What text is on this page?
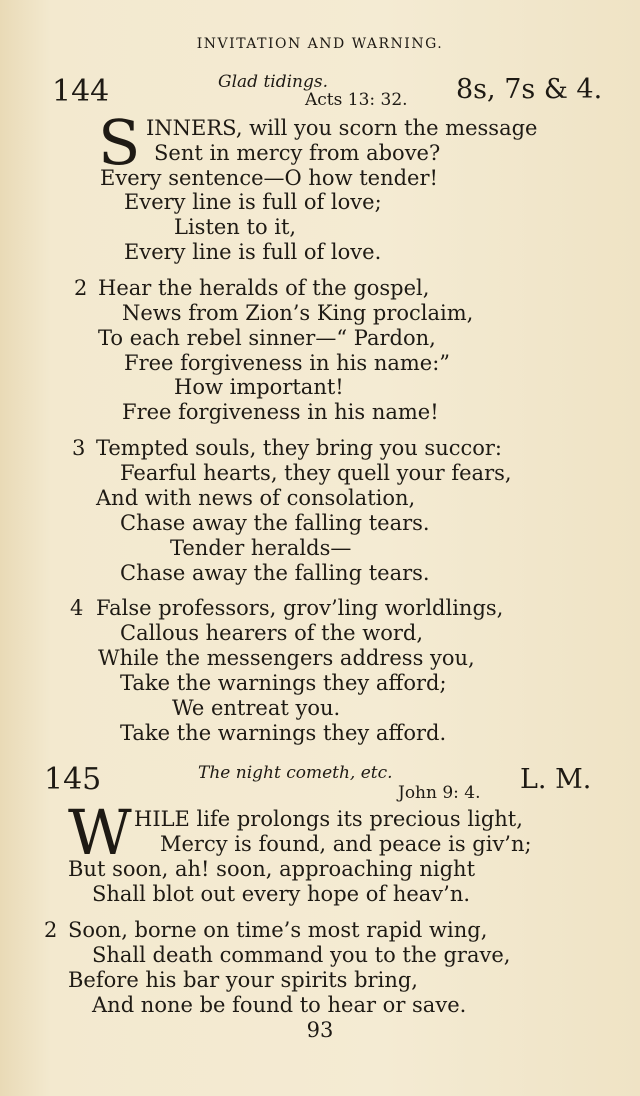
INVITATION AND WARNING.
144	Glad tidings.
Acts 13: 32. 8s, 7s & 4.
S INNERS, will you scorn the message
Sent in mercy from above?
Every sentence—O how tender!
Every line is full of love;
Listen to it,
Every line is full of love.
2 Hear the heralds of the gospel,
News from Zion’s King proclaim,
To each rebel sinner—“ Pardon,
Free forgiveness in his name:”
How important!
Free forgiveness in his name!
3 Tempted souls, they bring you succor:
Fearful hearts, they quell your fears,
And with news of consolation,
Chase away the falling tears.
Tender heralds—
Chase away the falling tears.
4 False professors, grov’ling worldlings,
Callous hearers of the word,
While the messengers address you,
Take the warnings they afford;
We entreat you.
Take the warnings they afford.
145	The night cometh, etc.
John 9: 4. L. M.
W HILE life prolongs its precious light,
Mercy is found, and peace is giv’n;
But soon, ah! soon, approaching night
Shall blot out every hope of heav’n.
2 Soon, borne on time’s most rapid wing,
Shall death command you to the grave,
Before his bar your spirits bring,
And none be found to hear or save.
93
